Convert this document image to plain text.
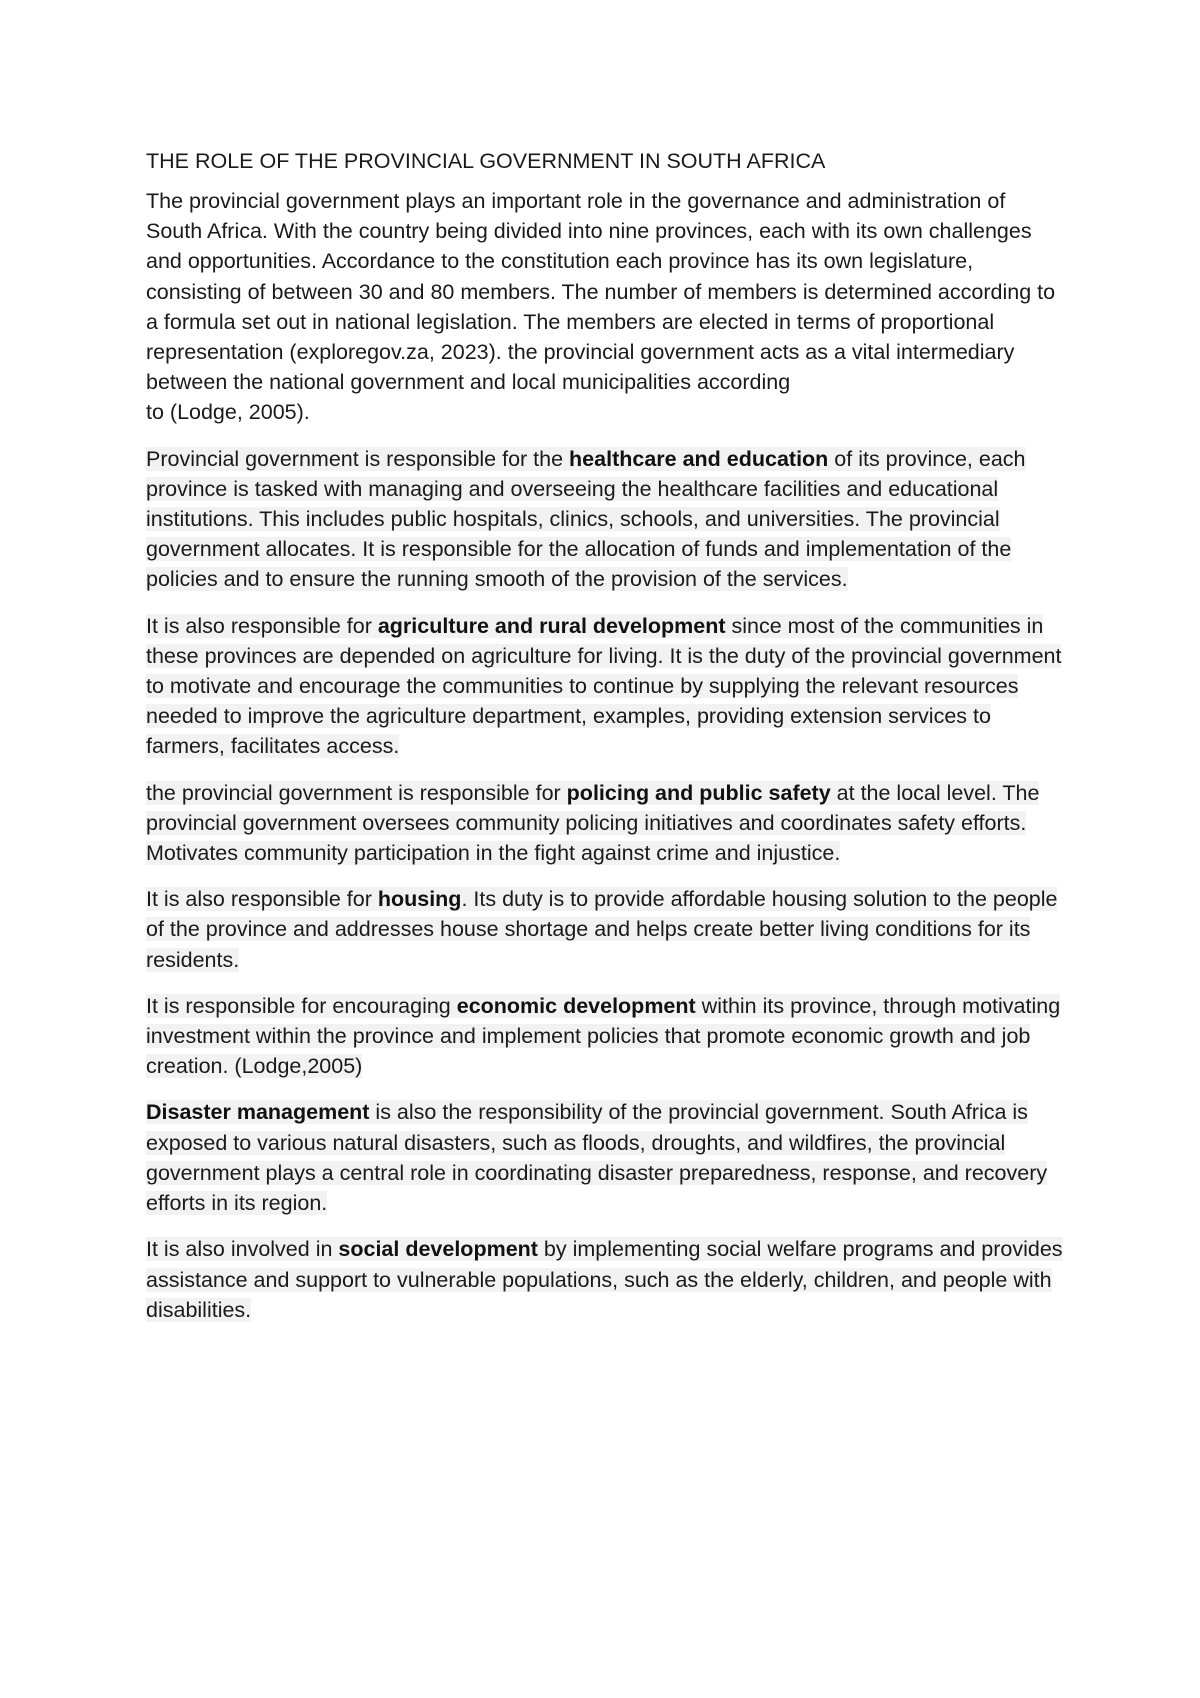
THE ROLE OF THE PROVINCIAL GOVERNMENT IN SOUTH AFRICA

The provincial government plays an important role in the governance and administration of South Africa. With the country being divided into nine provinces, each with its own challenges and opportunities. Accordance to the constitution each province has its own legislature, consisting of between 30 and 80 members. The number of members is determined according to a formula set out in national legislation. The members are elected in terms of proportional representation (exploregov.za, 2023). the provincial government acts as a vital intermediary between the national government and local municipalities according
to (Lodge, 2005).

Provincial government is responsible for the healthcare and education of its province, each province is tasked with managing and overseeing the healthcare facilities and educational institutions. This includes public hospitals, clinics, schools, and universities. The provincial government allocates. It is responsible for the allocation of funds and implementation of the policies and to ensure the running smooth of the provision of the services.

It is also responsible for agriculture and rural development since most of the communities in these provinces are depended on agriculture for living. It is the duty of the provincial government to motivate and encourage the communities to continue by supplying the relevant resources needed to improve the agriculture department, examples, providing extension services to farmers, facilitates access.

the provincial government is responsible for policing and public safety at the local level. The provincial government oversees community policing initiatives and coordinates safety efforts. Motivates community participation in the fight against crime and injustice.

It is also responsible for housing. Its duty is to provide affordable housing solution to the people of the province and addresses house shortage and helps create better living conditions for its residents.

It is responsible for encouraging economic development within its province, through motivating investment within the province and implement policies that promote economic growth and job creation. (Lodge,2005)

Disaster management is also the responsibility of the provincial government. South Africa is exposed to various natural disasters, such as floods, droughts, and wildfires, the provincial government plays a central role in coordinating disaster preparedness, response, and recovery efforts in its region.

It is also involved in social development by implementing social welfare programs and provides assistance and support to vulnerable populations, such as the elderly, children, and people with disabilities.
